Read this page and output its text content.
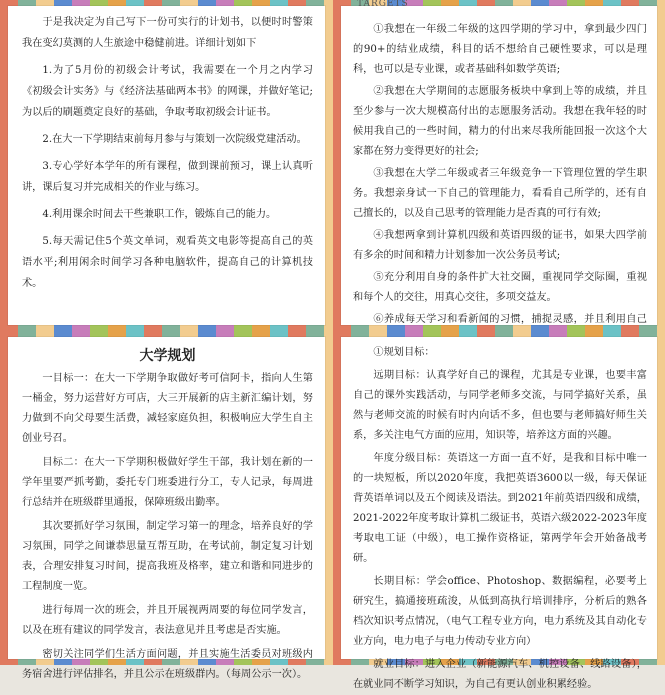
于是我决定为自己写下一份可实行的计划书，以便时时警策我在变幻莫测的人生旅途中稳健前进。详细计划如下

1.为了5月份的初级会计考试，我需要在一个月之内学习《初级会计实务》与《经济法基础两本书》的网课，并做好笔记;为以后的刷题奠定良好的基础，争取考取初级会计证书。

2.在大一下学期结束前每月参与与策划一次院级党建活动。

3.专心学好本学年的所有课程，做到课前预习，课上认真听讲，课后复习并完成相关的作业与练习。

4.利用课余时间去干些兼职工作，锻炼自己的能力。

5.每天需记住5个英文单词，观看英文电影等提高自己的英语水平;利用闲余时间学习各种电脑软件，提高自己的计算机技术。

TARGETS

①我想在一年级二年级的这四学期的学习中，拿到最少四门的90+的结业成绩，科目的话不想给自己硬性要求，可以是理科，也可以是专业课，或者基础科如数学英语;

②我想在大学期间的志愿服务板块中拿到上等的成绩，并且至少参与一次大规模高付出的志愿服务活动。我想在我年轻的时候用我自己的一些时间，精力的付出来尽我所能回报一次这个大家都在努力变得更好的社会;

③我想在大学二年级或者三年级竞争一下管理位置的学生职务。我想亲身试一下自己的管理能力，看看自己所学的，还有自己擅长的，以及自己思考的管理能力是否真的可行有效;

④我想两拿到计算机四级和英语四级的证书，如果大四学前有多余的时间和精力计划参加一次公务员考试;

⑤充分利用自身的条件扩大社交圈，重视同学交际圈，重视和每个人的交往，用真心交往，多项交益友。

⑥养成每天学习和看新闻的习惯，捕捉灵感，并且利用自己

大学规划

一目标一：在大一下学期争取做好考可信阿卡，指向人生第一桶金，努力运营好方可店，大三开展新的店主新汇编计划，努力做到不向父母要生活费，减轻家庭负担，积极响应大学生自主创业号召。

目标二：在大一下学期积极做好学生干部，我计划在新的一学年里要严抓考勤，委托专门班委进行分工，专人记录，每周进行总结并在班级群里通报，保障班级出勤率。

其次要抓好学习氛围，制定学习第一的理念，培养良好的学习氛围，同学之间谦恭思量互帮互助，在考试前，制定复习计划表，合理安排复习时间，提高我班及格率，建立和谐和同进步的工程制度一览。

进行每周一次的班会，并且开展视两周要的每位同学发言，以及在班有建议的同学发言，表法意见并且考虑是否实施。

密切关注同学们生活方面问题，并且实施生活委员对班级内务宿舍进行评估排名，并且公示在班级群内。（每周公示一次）。

①规划目标：

远期目标：认真学好自己的课程，尤其是专业课，也要丰富自己的课外实践活动，与同学老师多交流，与同学搞好关系，虽然与老师交流的时候有时内向话不多，但也要与老师搞好师生关系，多关注电气方面的应用，知识等，培养这方面的兴趣。

年度分级目标：英语这一方面一直不好，是我和目标中唯一的一块短板，所以2020年度，我把英语3600以一级，每天保证背英语单词以及五个阅读及语法。到2021年前英语四级和成绩，2021-2022年度考取计算机二级证书，英语六级2022-2023年度考取电工证（中级），电工操作资格证，第两学年会开始备战考研。

长期目标：学会office、Photoshop、数据编程，必要考上研究生，搞通接班疏浚，从低到高执行培训排序，分析后的熟各档次知识考点情况，（电气工程专业方向，电力系统及其自动化专业方向，电力电子与电力传动专业方向）

就业目标：进入企业（新能源汽车、机控设备、线路设备），在就业同不断学习知识，为自己有更认创业积累经验。
